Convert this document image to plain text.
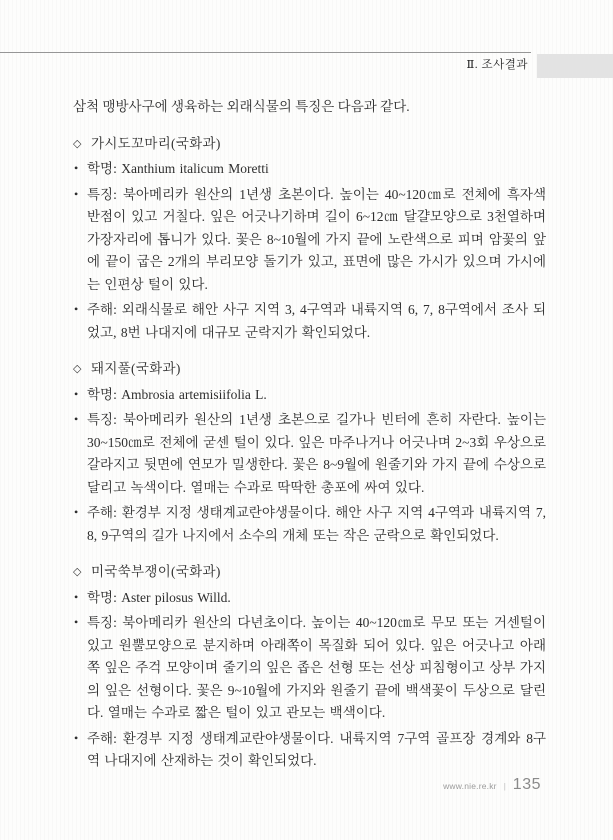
Ⅱ. 조사결과

삼척 맹방사구에 생육하는 외래식물의 특징은 다음과 같다.

◇ 가시도꼬마리(국화과)

• 학명: Xanthium italicum Moretti

• 특징: 북아메리카 원산의 1년생 초본이다. 높이는 40~120㎝로 전체에 흑자색 반점이 있고 거칠다. 잎은 어긋나기하며 길이 6~12㎝ 달걀모양으로 3천열하며 가장자리에 톱니가 있다. 꽃은 8~10월에 가지 끝에 노란색으로 피며 암꽃의 앞에 끝이 굽은 2개의 부리모양 돌기가 있고, 표면에 많은 가시가 있으며 가시에는 인편상 털이 있다.

• 주해: 외래식물로 해안 사구 지역 3, 4구역과 내륙지역 6, 7, 8구역에서 조사 되었고, 8번 나대지에 대규모 군락지가 확인되었다.

◇ 돼지풀(국화과)

• 학명: Ambrosia artemisiifolia L.

• 특징: 북아메리카 원산의 1년생 초본으로 길가나 빈터에 흔히 자란다. 높이는 30~150㎝로 전체에 굳센 털이 있다. 잎은 마주나거나 어긋나며 2~3회 우상으로 갈라지고 뒷면에 연모가 밀생한다. 꽃은 8~9월에 원줄기와 가지 끝에 수상으로 달리고 녹색이다. 열매는 수과로 딱딱한 총포에 싸여 있다.

• 주해: 환경부 지정 생태계교란야생물이다. 해안 사구 지역 4구역과 내륙지역 7, 8, 9구역의 길가 나지에서 소수의 개체 또는 작은 군락으로 확인되었다.

◇ 미국쑥부쟁이(국화과)

• 학명: Aster pilosus Willd.

• 특징: 북아메리카 원산의 다년초이다. 높이는 40~120㎝로 무모 또는 거센털이 있고 원뿔모양으로 분지하며 아래쪽이 목질화 되어 있다. 잎은 어긋나고 아래쪽 잎은 주걱 모양이며 줄기의 잎은 좁은 선형 또는 선상 피침형이고 상부 가지의 잎은 선형이다. 꽃은 9~10월에 가지와 원줄기 끝에 백색꽃이 두상으로 달린다. 열매는 수과로 짧은 털이 있고 관모는 백색이다.

• 주해: 환경부 지정 생태계교란야생물이다. 내륙지역 7구역 골프장 경계와 8구역 나대지에 산재하는 것이 확인되었다.

www.nie.re.kr | 135
